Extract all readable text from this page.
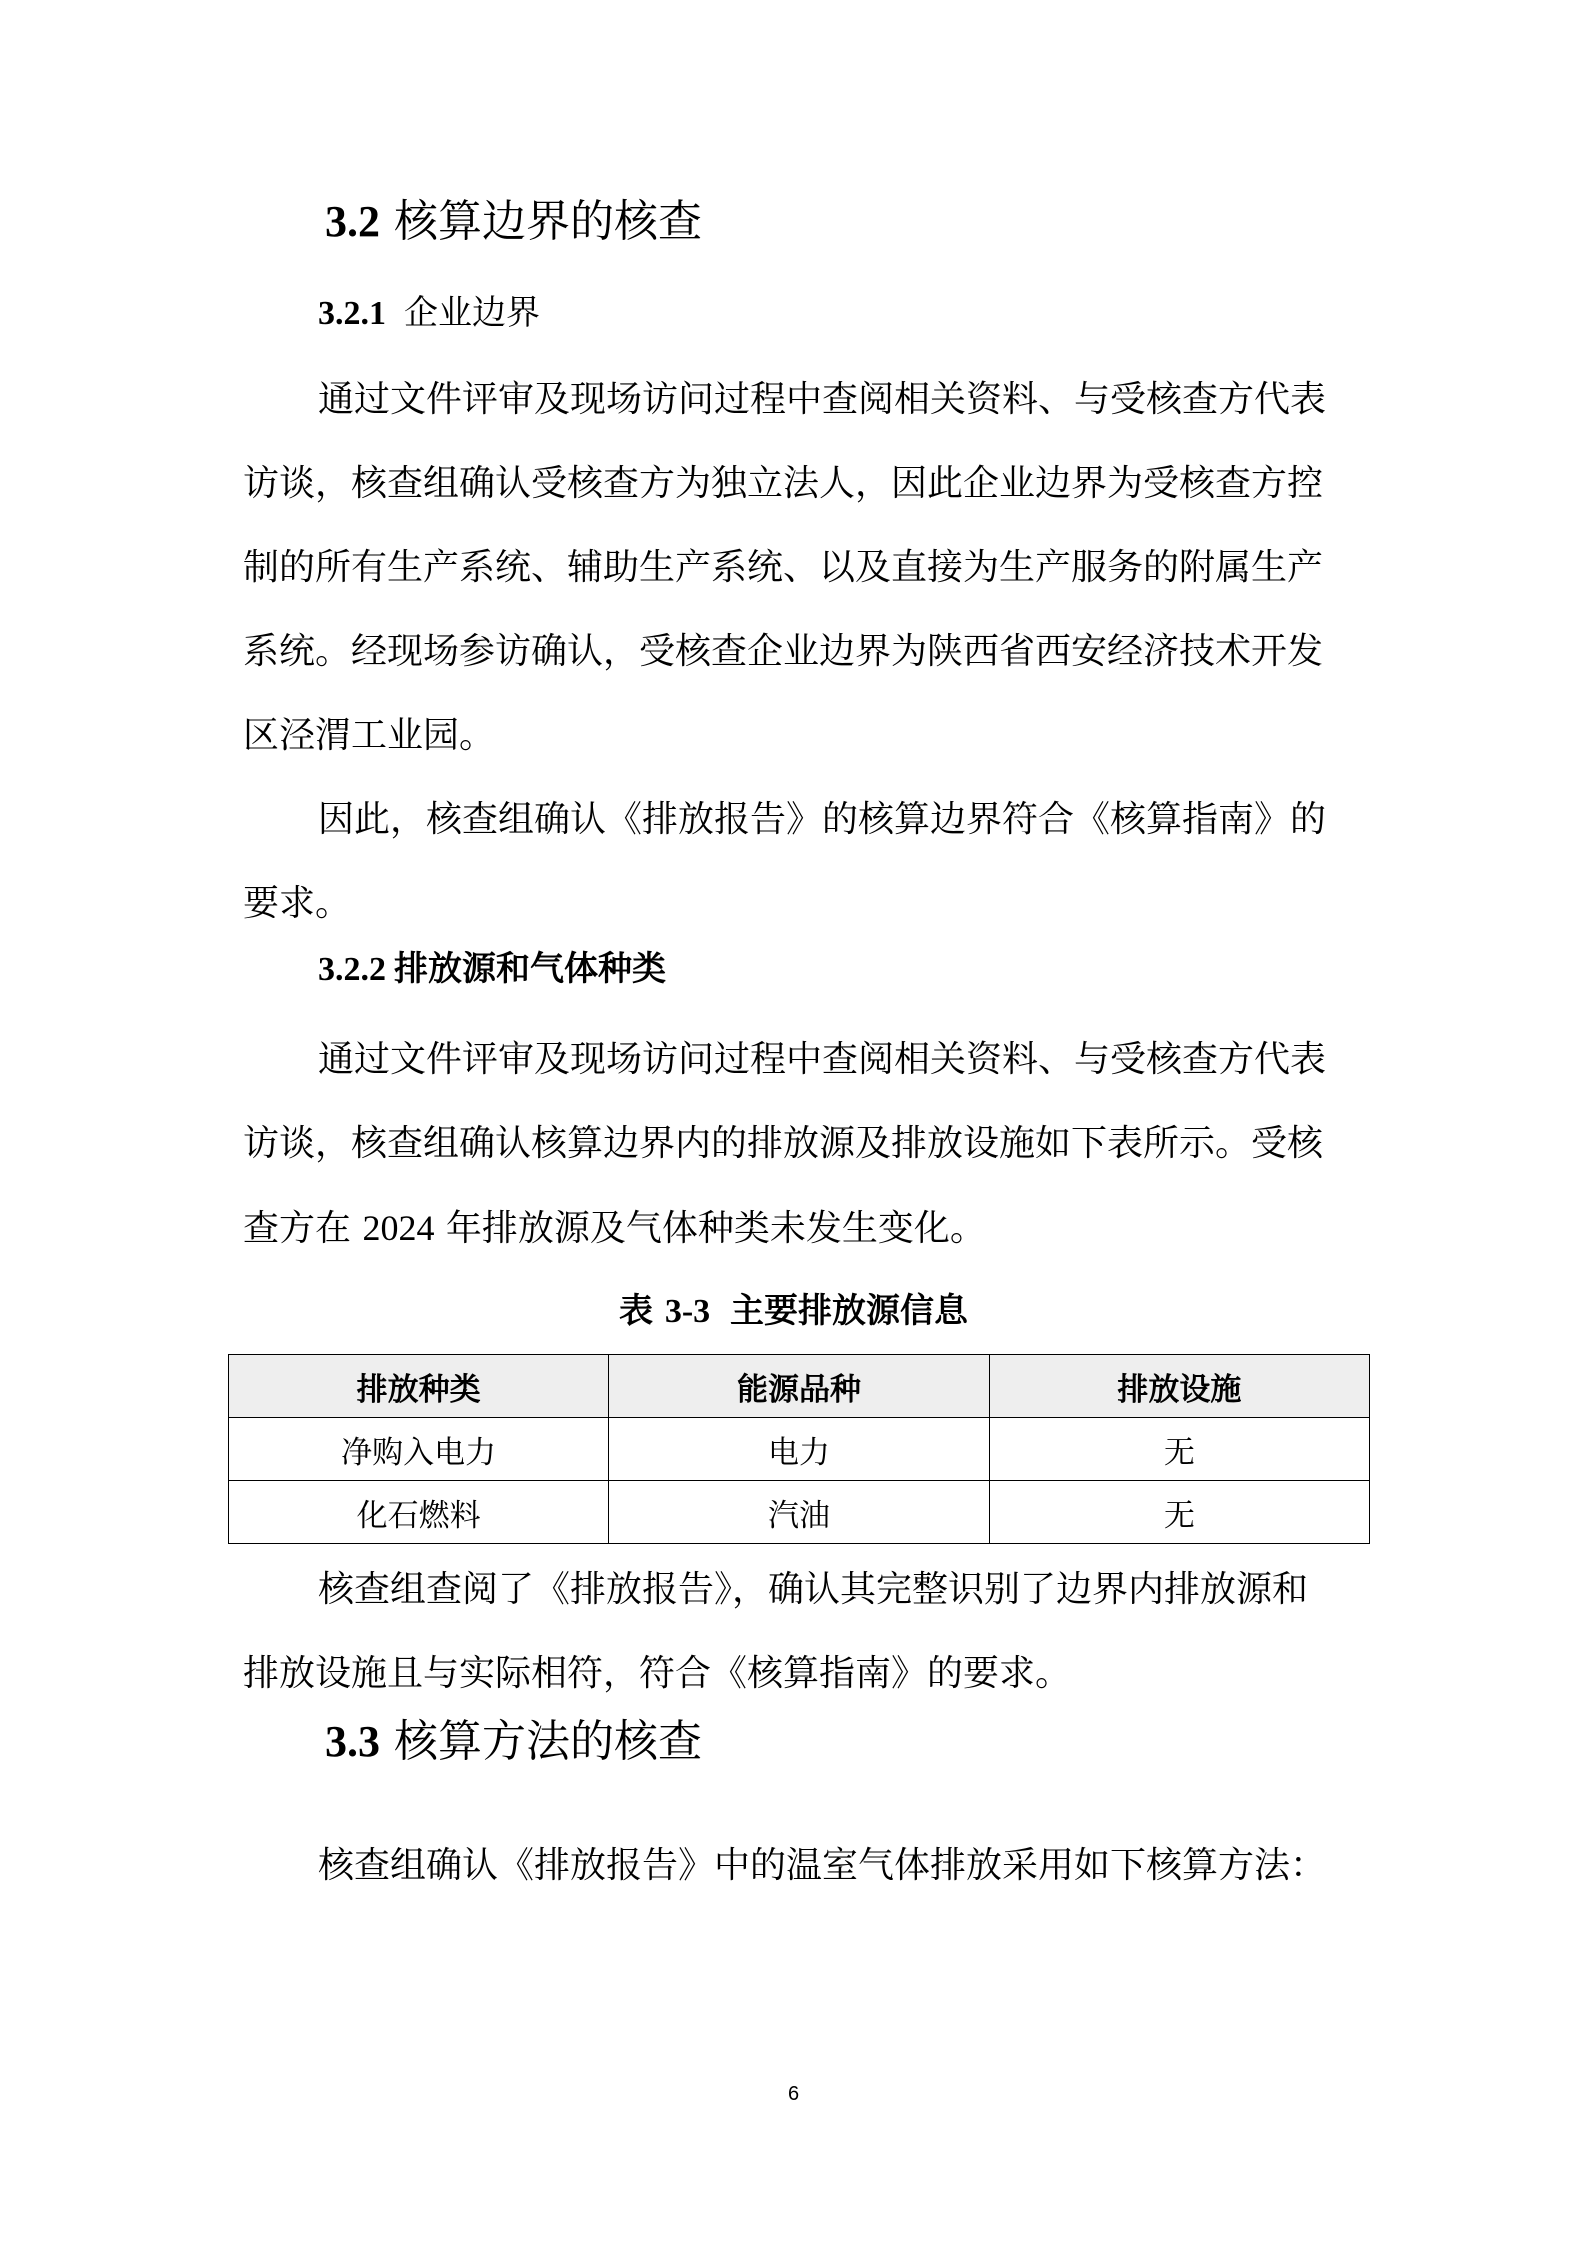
3.2 核算边界的核查
3.2.1 企业边界
通过文件评审及现场访问过程中查阅相关资料、与受核查方代表
访谈，核查组确认受核查方为独立法人，因此企业边界为受核查方控
制的所有生产系统、辅助生产系统、以及直接为生产服务的附属生产
系统。经现场参访确认，受核查企业边界为陕西省西安经济技术开发
区泾渭工业园。
因此，核查组确认《排放报告》的核算边界符合《核算指南》的
要求。
3.2.2 排放源和气体种类
通过文件评审及现场访问过程中查阅相关资料、与受核查方代表
访谈，核查组确认核算边界内的排放源及排放设施如下表所示。受核
查方在 2024 年排放源及气体种类未发生变化。
表 3-3 主要排放源信息
排放种类	能源品种	排放设施
净购入电力	电力	无
化石燃料	汽油	无
核查组查阅了《排放报告》，确认其完整识别了边界内排放源和
排放设施且与实际相符，符合《核算指南》的要求。
3.3 核算方法的核查
核查组确认《排放报告》中的温室气体排放采用如下核算方法：
6
